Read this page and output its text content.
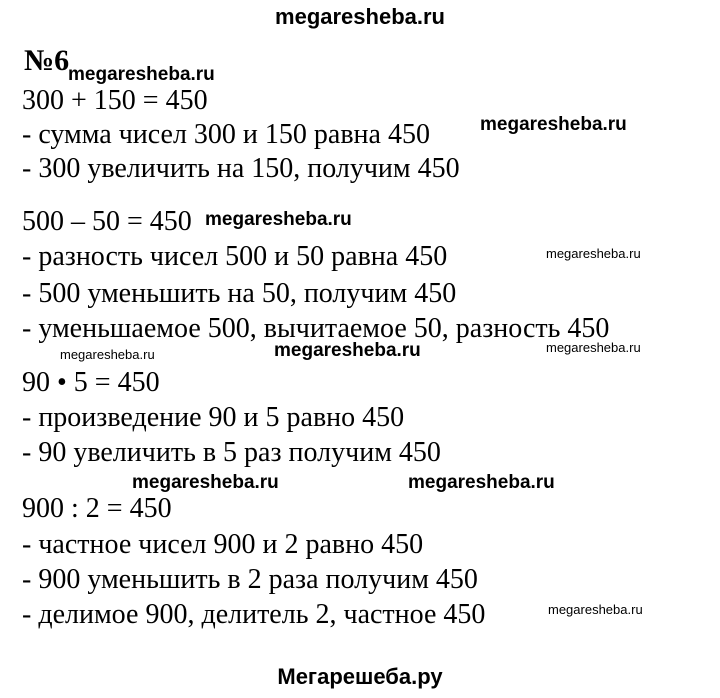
megaresheba.ru
№6
300 + 150 = 450
- сумма чисел 300 и 150 равна 450
- 300 увеличить на 150, получим 450
500 – 50 = 450
- разность чисел 500 и 50 равна 450
- 500 уменьшить на 50, получим 450
- уменьшаемое 500, вычитаемое 50, разность 450
90 • 5 = 450
- произведение 90 и 5 равно 450
- 90 увеличить в 5 раз получим 450
900 : 2 = 450
- частное чисел 900 и 2 равно 450
- 900 уменьшить в 2 раза получим 450
- делимое 900, делитель 2, частное 450
megaresheba.ru
megaresheba.ru
megaresheba.ru
megaresheba.ru
megaresheba.ru	megaresheba.ru	megaresheba.ru
megaresheba.ru	megaresheba.ru
megaresheba.ru
Мегарешеба.ру
